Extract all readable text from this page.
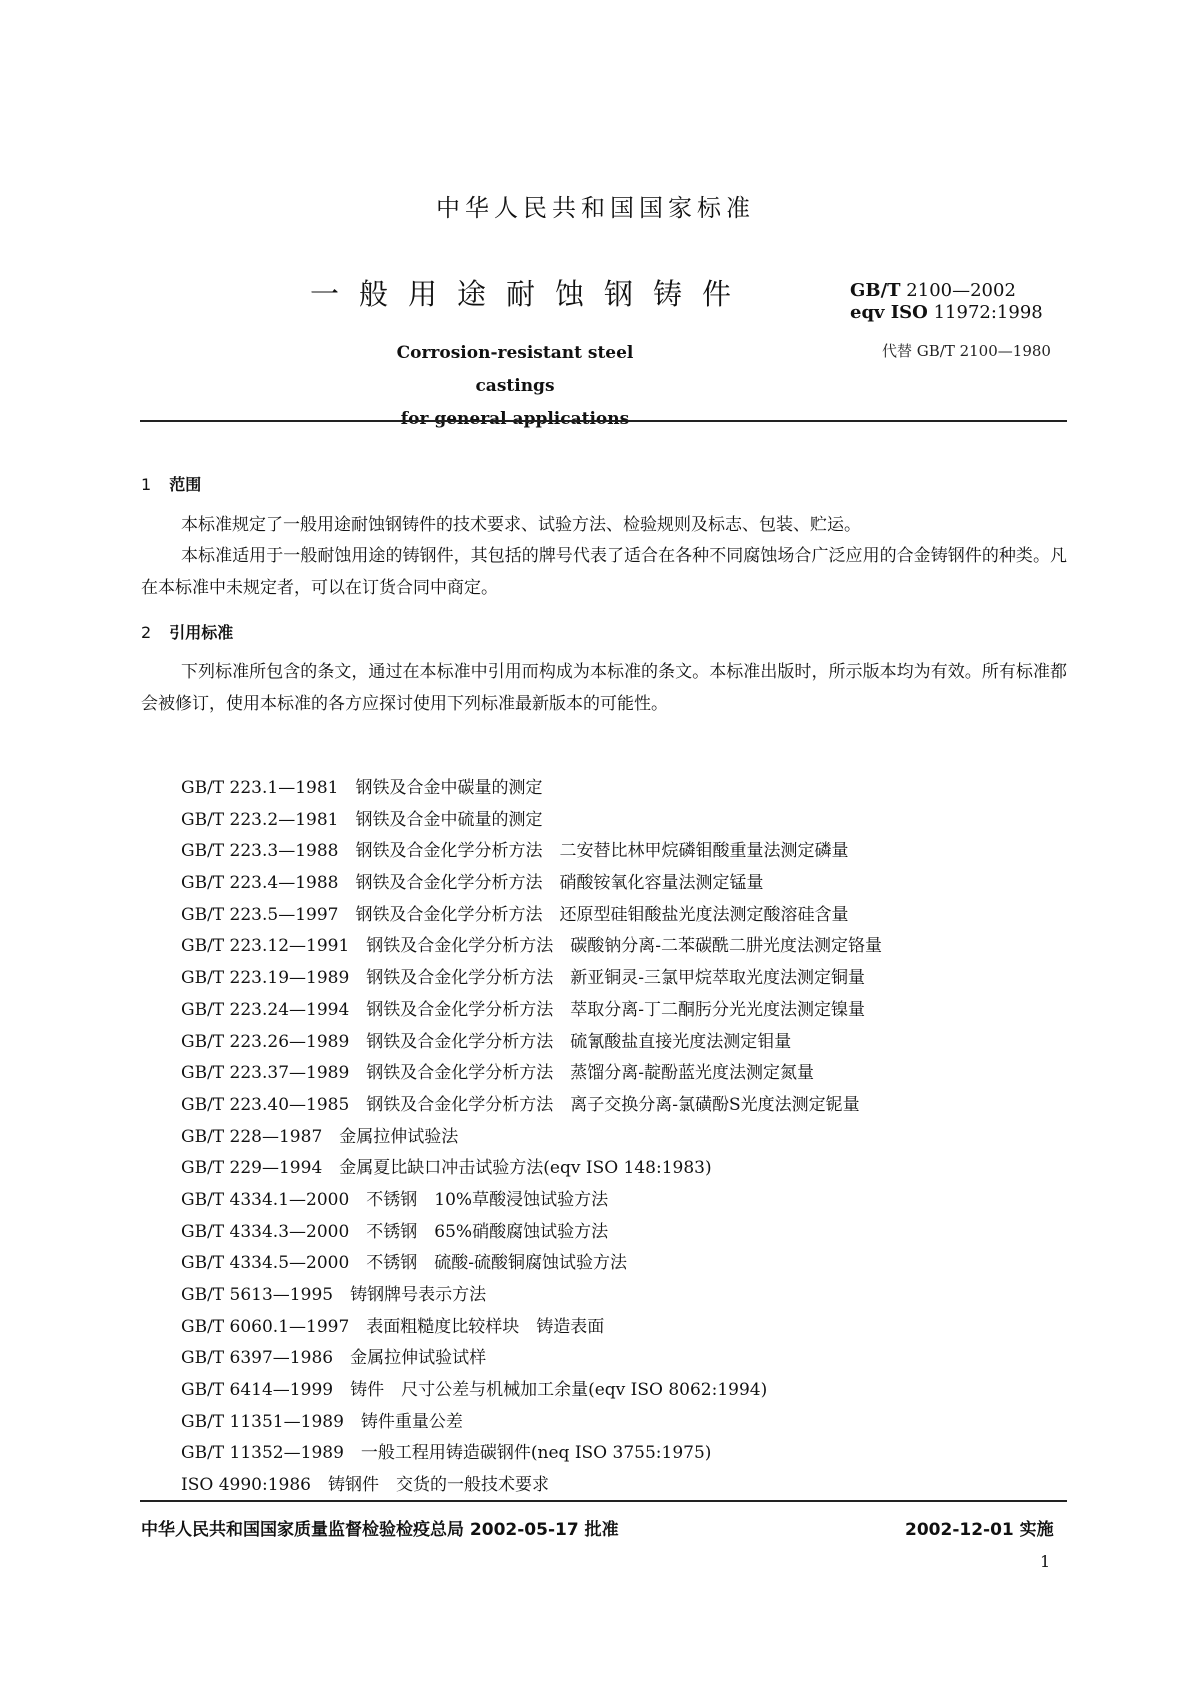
中华人民共和国国家标准
一般用途耐蚀钢铸件	GB/T 2100—2002
eqv ISO 11972:1998
代替 GB/T 2100—1980
Corrosion-resistant steel castings
for general applications
1 范围
本标准规定了一般用途耐蚀钢铸件的技术要求、试验方法、检验规则及标志、包装、贮运。
本标准适用于一般耐蚀用途的铸钢件，其包括的牌号代表了适合在各种不同腐蚀场合广泛应用的合金铸钢件的种类。凡在本标准中未规定者，可以在订货合同中商定。
2 引用标准
下列标准所包含的条文，通过在本标准中引用而构成为本标准的条文。本标准出版时，所示版本均为有效。所有标准都会被修订，使用本标准的各方应探讨使用下列标准最新版本的可能性。
GB/T 223.1—1981　 钢铁及合金中碳量的测定
GB/T 223.2—1981　 钢铁及合金中硫量的测定
GB/T 223.3—1988　 钢铁及合金化学分析方法　二安替比林甲烷磷钼酸重量法测定磷量
GB/T 223.4—1988　 钢铁及合金化学分析方法　硝酸铵氧化容量法测定锰量
GB/T 223.5—1997　 钢铁及合金化学分析方法　还原型硅钼酸盐光度法测定酸溶硅含量
GB/T 223.12—1991　 钢铁及合金化学分析方法　碳酸钠分离-二苯碳酰二肼光度法测定铬量
GB/T 223.19—1989　 钢铁及合金化学分析方法　新亚铜灵-三氯甲烷萃取光度法测定铜量
GB/T 223.24—1994　 钢铁及合金化学分析方法　萃取分离-丁二酮肟分光光度法测定镍量
GB/T 223.26—1989　 钢铁及合金化学分析方法　硫氰酸盐直接光度法测定钼量
GB/T 223.37—1989　 钢铁及合金化学分析方法　蒸馏分离-靛酚蓝光度法测定氮量
GB/T 223.40—1985　 钢铁及合金化学分析方法　离子交换分离-氯磺酚S光度法测定铌量
GB/T 228—1987　 金属拉伸试验法
GB/T 229—1994　 金属夏比缺口冲击试验方法(eqv ISO 148:1983)
GB/T 4334.1—2000　 不锈钢　10%草酸浸蚀试验方法
GB/T 4334.3—2000　 不锈钢　65%硝酸腐蚀试验方法
GB/T 4334.5—2000　 不锈钢　硫酸-硫酸铜腐蚀试验方法
GB/T 5613—1995　 铸钢牌号表示方法
GB/T 6060.1—1997　 表面粗糙度比较样块　铸造表面
GB/T 6397—1986　 金属拉伸试验试样
GB/T 6414—1999　 铸件　尺寸公差与机械加工余量(eqv ISO 8062:1994)
GB/T 11351—1989　 铸件重量公差
GB/T 11352—1989　 一般工程用铸造碳钢件(neq ISO 3755:1975)
ISO 4990:1986　 铸钢件　交货的一般技术要求
中华人民共和国国家质量监督检验检疫总局 2002-05-17 批准	2002-12-01 实施
1
